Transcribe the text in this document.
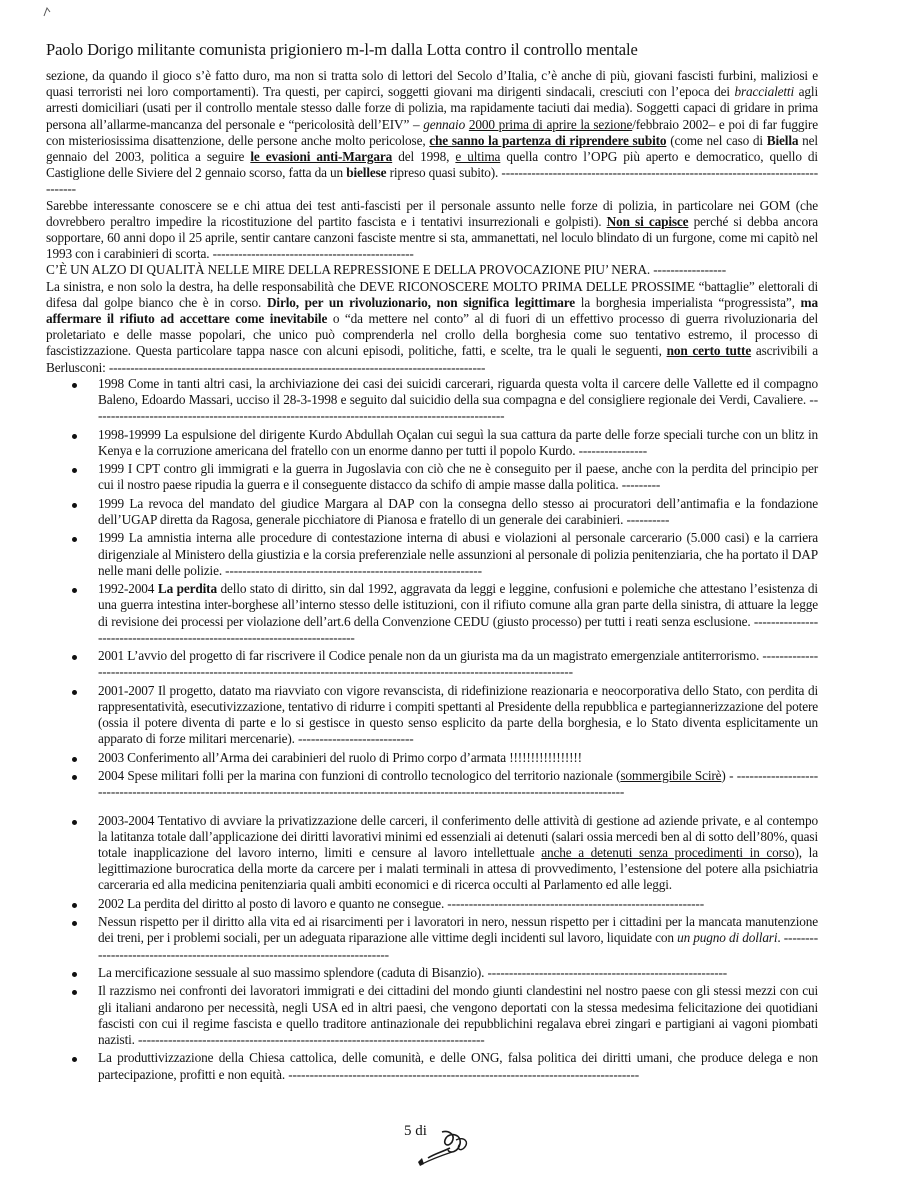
Paolo Dorigo militante comunista prigioniero m-l-m dalla Lotta contro il controllo mentale

sezione, da quando il gioco s’è fatto duro, ma non si tratta solo di lettori del Secolo d’Italia, c’è anche di più, giovani fascisti furbini, maliziosi e quasi terroristi nei loro comportamenti). Tra questi, per capirci, soggetti giovani ma dirigenti sindacali, cresciuti con l’epoca dei braccialetti agli arresti domiciliari (usati per il controllo mentale stesso dalle forze di polizia, ma rapidamente taciuti dai media). Soggetti capaci di gridare in prima persona all’allarme-mancanza del personale e “pericolosità dell’EIV” – gennaio 2000 prima di aprire la sezione/febbraio 2002– e poi di far fuggire con misteriosissima disattenzione, delle persone anche molto pericolose, che sanno la partenza di riprendere subito (come nel caso di Biella nel gennaio del 2003, politica a seguire le evasioni anti-Margara del 1998, e ultima quella contro l’OPG più aperto e democratico, quello di Castiglione delle Siviere del 2 gennaio scorso, fatta da un biellese ripreso quasi subito). ---------------------------------------------------------------------------------

Sarebbe interessante conoscere se e chi attua dei test anti-fascisti per il personale assunto nelle forze di polizia, in particolare nei GOM (che dovrebbero peraltro impedire la ricostituzione del partito fascista e i tentativi insurrezionali e golpisti). Non si capisce perché si debba ancora sopportare, 60 anni dopo il 25 aprile, sentir cantare canzoni fasciste mentre si sta, ammanettati, nel loculo blindato di un furgone, come mi capitò nel 1993 con i carabinieri di scorta. -----------------------------------------------

C’È UN ALZO DI QUALITÀ NELLE MIRE DELLA REPRESSIONE E DELLA PROVOCAZIONE PIU’ NERA. -----------------

La sinistra, e non solo la destra, ha delle responsabilità che DEVE RICONOSCERE MOLTO PRIMA DELLE PROSSIME “battaglie” elettorali di difesa dal golpe bianco che è in corso. Dirlo, per un rivoluzionario, non significa legittimare la borghesia imperialista “progressista”, ma affermare il rifiuto ad accettare come inevitabile o “da mettere nel conto” al di fuori di un effettivo processo di guerra rivoluzionaria del proletariato e delle masse popolari, che unico può comprenderla nel crollo della borghesia come suo tentativo estremo, il processo di fascistizzazione. Questa particolare tappa nasce con alcuni episodi, politiche, fatti, e scelte, tra le quali le seguenti, non certo tutte ascrivibili a Berlusconi: ----------------------------------------------------------------------------------------

1998 Come in tanti altri casi, la archiviazione dei casi dei suicidi carcerari, riguarda questa volta il carcere delle Vallette ed il compagno Baleno, Edoardo Massari, ucciso il 28-3-1998 e seguito dal suicidio della sua compagna e del consigliere regionale dei Verdi, Cavaliere. -------------------------------------------------------------------------------------------------
1998-19999 La espulsione del dirigente Kurdo Abdullah Oçalan cui seguì la sua cattura da parte delle forze speciali turche con un blitz in Kenya e la corruzione americana del fratello con un enorme danno per tutti il popolo Kurdo. ----------------
1999 I CPT contro gli immigrati e la guerra in Jugoslavia con ciò che ne è conseguito per il paese, anche con la perdita del principio per cui il nostro paese ripudia la guerra e il conseguente distacco da schifo di ampie masse dalla politica. ---------
1999 La revoca del mandato del giudice Margara al DAP con la consegna dello stesso ai procuratori dell’antimafia e la fondazione dell’UGAP diretta da Ragosa, generale picchiatore di Pianosa e fratello di un generale dei carabinieri. ----------
1999 La amnistia interna alle procedure di contestazione interna di abusi e violazioni al personale carcerario (5.000 casi) e la carriera dirigenziale al Ministero della giustizia e la corsia preferenziale nelle assunzioni al personale di polizia penitenziaria, che ha portato il DAP nelle mani delle polizie. ------------------------------------------------------------
1992-2004 La perdita dello stato di diritto, sin dal 1992, aggravata da leggi e leggine, confusioni e polemiche che attestano l’esistenza di una guerra intestina inter-borghese all’interno stesso delle istituzioni, con il rifiuto comune alla gran parte della sinistra, di attuare la legge di revisione dei processi per violazione dell’art.6 della Convenzione CEDU (giusto processo) per tutti i reati senza esclusione. ---------------------------------------------------------------------------
2001 L’avvio del progetto di far riscrivere il Codice penale non da un giurista ma da un magistrato emergenziale antiterrorismo. ----------------------------------------------------------------------------------------------------------------------------
2001-2007 Il progetto, datato ma riavviato con vigore revanscista, di ridefinizione reazionaria e neocorporativa dello Stato, con perdita di rappresentatività, esecutivizzazione, tentativo di ridurre i compiti spettanti al Presidente della repubblica e partegiannerizzazione del potere (ossia il potere diventa di parte e lo si gestisce in questo senso esplicito da parte della borghesia, e lo Stato diventa esplicitamente un apparato di forze militari mercenarie). ---------------------------
2003 Conferimento all’Arma dei carabinieri del ruolo di Primo corpo d’armata !!!!!!!!!!!!!!!!!
2004 Spese militari folli per la marina con funzioni di controllo tecnologico del territorio nazionale (sommergibile Scirè) - ----------------------------------------------------------------------------------------------------------------------------------------------
2003-2004 Tentativo di avviare la privatizzazione delle carceri, il conferimento delle attività di gestione ad aziende private, e al contempo la latitanza totale dall’applicazione dei diritti lavorativi minimi ed essenziali ai detenuti (salari ossia mercedi ben al di sotto dell’80%, quasi totale inapplicazione del lavoro interno, limiti e censure al lavoro intellettuale anche a detenuti senza procedimenti in corso), la legittimazione burocratica della morte da carcere per i malati terminali in attesa di provvedimento, l’estensione del potere alla psichiatria carceraria ed alla medicina penitenziaria quali ambiti economici e di ricerca occulti al Parlamento ed alle leggi.
2002 La perdita del diritto al posto di lavoro e quanto ne consegue. ------------------------------------------------------------
Nessun rispetto per il diritto alla vita ed ai risarcimenti per i lavoratori in nero, nessun rispetto per i cittadini per la mancata manutenzione dei treni, per i problemi sociali, per un adeguata riparazione alle vittime degli incidenti sul lavoro, liquidate con un pugno di dollari. ----------------------------------------------------------------------------
La mercificazione sessuale al suo massimo splendore (caduta di Bisanzio). --------------------------------------------------------
Il razzismo nei confronti dei lavoratori immigrati e dei cittadini del mondo giunti clandestini nel nostro paese con gli stessi mezzi con cui gli italiani andarono per necessità, negli USA ed in altri paesi, che vengono deportati con la stessa medesima felicitazione dei quotidiani fascisti con cui il regime fascista e quello traditore antinazionale dei repubblichini regalava ebrei zingari e partigiani ai vagoni piombati nazisti. ---------------------------------------------------------------------------------
La produttivizzazione della Chiesa cattolica, delle comunità, e delle ONG, falsa politica dei diritti umani, che produce delega e non partecipazione, profitti e non equità. ----------------------------------------------------------------------------------
5 di
